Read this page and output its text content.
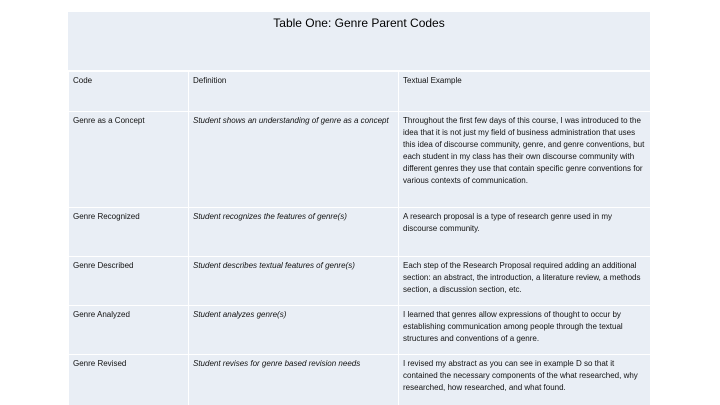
Table One: Genre Parent Codes
Code	Definition	Textual Example
Genre as a Concept	Student shows an understanding of genre as a concept	Throughout the first few days of this course, I was introduced to the idea that it is not just my field of business administration that uses this idea of discourse community, genre, and genre conventions, but each student in my class has their own discourse community with different genres they use that contain specific genre conventions for various contexts of communication.
Genre Recognized	Student recognizes the features of genre(s)	A research proposal is a type of research genre used in my discourse community.
Genre Described	Student describes textual features of genre(s)	Each step of the Research Proposal required adding an additional section: an abstract, the introduction, a literature review, a methods section, a discussion section, etc.
Genre Analyzed	Student analyzes genre(s)	I learned that genres allow expressions of thought to occur by establishing communication among people through the textual structures and conventions of a genre.
Genre Revised	Student revises for genre based revision needs	I revised my abstract as you can see in example D so that it contained the necessary components of the what researched, why researched, how researched, and what found.
